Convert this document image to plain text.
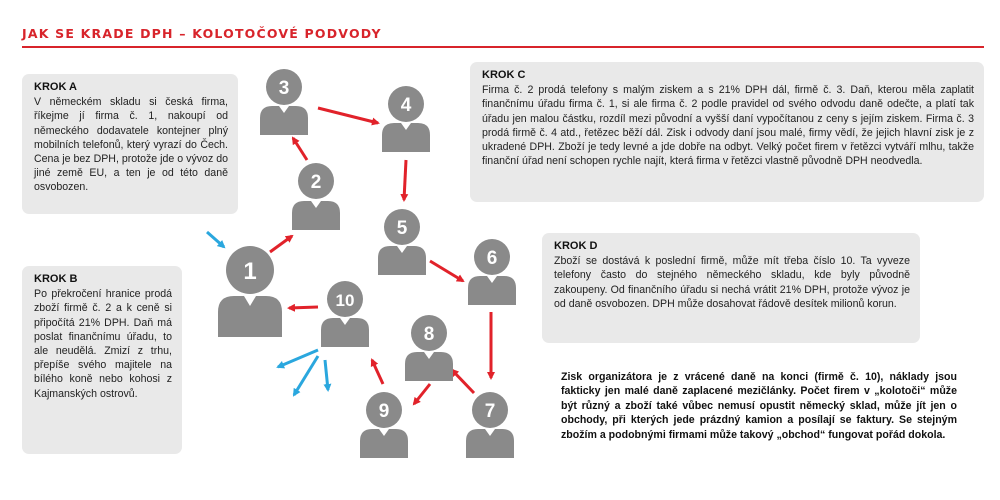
JAK SE KRADE DPH – KOLOTOČOVÉ PODVODY
KROK A

V německém skladu si česká firma, říkejme jí firma č. 1, nakoupí od německého dodavatele kontejner plný mobilních telefonů, který vyrazí do Čech. Cena je bez DPH, protože jde o vývoz do jiné země EU, a ten je od této daně osvobozen.

KROK B

Po překročení hranice prodá zboží firmě č. 2 a k ceně si připočítá 21% DPH. Daň má poslat finančnímu úřadu, to ale neudělá. Zmizí z trhu, přepíše svého majitele na bílého koně nebo kohosi z Kajmanských ostrovů.

KROK C

Firma č. 2 prodá telefony s malým ziskem a s 21% DPH dál, firmě č. 3. Daň, kterou měla zaplatit finančnímu úřadu firma č. 1, si ale firma č. 2 podle pravidel od svého odvodu daně odečte, a platí tak úřadu jen malou částku, rozdíl mezi původní a vyšší daní vypočítanou z ceny s jejím ziskem. Firma č. 3 prodá firmě č. 4 atd., řetězec běží dál. Zisk i odvody daní jsou malé, firmy vědí, že jejich hlavní zisk je z ukradené DPH. Zboží je tedy levné a jde dobře na odbyt. Velký počet firem v řetězci vytváří mlhu, takže finanční úřad není schopen rychle najít, která firma v řetězci vlastně původně DPH neodvedla.

KROK D

Zboží se dostává k poslední firmě, může mít třeba číslo 10. Ta vyveze telefony často do stejného německého skladu, kde byly původně zakoupeny. Od finančního úřadu si nechá vrátit 21% DPH, protože vývoz je od daně osvobozen. DPH může dosahovat řádově desítek milionů korun.

Zisk organizátora je z vrácené daně na konci (firmě č. 10), náklady jsou fakticky jen malé daně zaplacené mezičlánky. Počet firem v „kolotoči“ může být různý a zboží také vůbec nemusí opustit německý sklad, může jít jen o obchody, při kterých jede prázdný kamion a posílají se faktury. Se stejným zbožím a podobnými firmami může takový „obchod“ fungovat pořád dokola.
1
2
3
4
5
6
7
8
9
10
